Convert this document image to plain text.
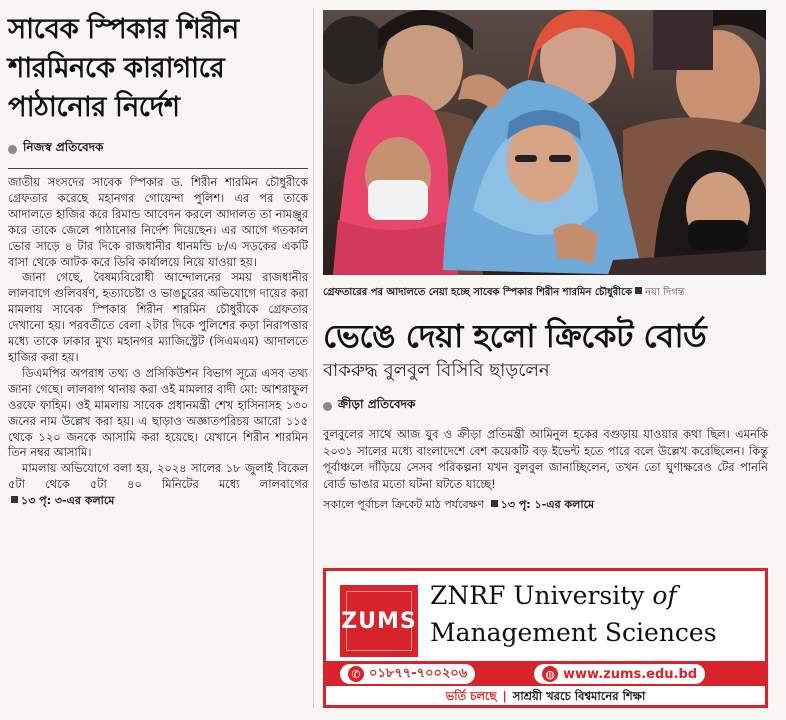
সাবেক স্পিকার শিরীন শারমিনকে কারাগারে পাঠানোর নির্দেশ
নিজস্ব প্রতিবেদক

জাতীয় সংসদের সাবেক স্পিকার ড. শিরীন শারমিন চৌধুরীকে গ্রেফতার করেছে মহানগর গোয়েন্দা পুলিশ। এর পর তাকে আদালতে হাজির করে রিমান্ড আবেদন করলে আদালত তা নামঞ্জুর করে তাকে জেলে পাঠানোর নির্দেশ দিয়েছেন। এর আগে গতকাল ভোর সাড়ে ৪ টার দিকে রাজধানীর ধানমন্ডি ৮/এ সড়কের একটি বাসা থেকে আটক করে ডিবি কার্যালয়ে নিয়ে যাওয়া হয়।

জানা গেছে, বৈষম্যবিরোধী আন্দোলনের সময় রাজধানীর লালবাগে গুলিবর্ষণ, হত্যাচেষ্টা ও ভাঙচুরের অভিযোগে দায়ের করা মামলায় সাবেক স্পিকার শিরীন শারমিন চৌধুরীকে গ্রেফতার দেখানো হয়। পরবর্তীতে বেলা ২টার দিকে পুলিশের কড়া নিরাপত্তার মধ্যে তাকে ঢাকার মুখ্য মহানগর ম্যাজিস্ট্রেট (সিএমএম) আদালতে হাজির করা হয়।

ডিএমপির অপরাধ তথ্য ও প্রসিকিউশন বিভাগ সূত্রে এসব তথ্য জানা গেছে। লালবাগ থানায় করা ওই মামলার বাদী মো: আশরাফুল ওরফে ফাহিম। ওই মামলায় সাবেক প্রধানমন্ত্রী শেখ হাসিনাসহ ১৩০ জনের নাম উল্লেখ করা হয়। এ ছাড়াও অজ্ঞাতপরিচয় আরো ১১৫ থেকে ১২০ জনকে আসামি করা হয়েছে। যেখানে শিরীন শারমিন তিন নম্বর আসামি।

মামলায় অভিযোগে বলা হয়, ২০২৪ সালের ১৮ জুলাই বিকেল ৫টা থেকে ৫টা ৪০ মিনিটের মধ্যে লালবাগের ১৩ পৃ: ৩-এর কলামে

গ্রেফতারের পর আদালতে নেয়া হচ্ছে সাবেক স্পিকার শিরীন শারমিন চৌধুরীকে নয়া দিগন্ত
ভেঙে দেয়া হলো ক্রিকেট বোর্ড
বাকরুদ্ধ বুলবুল বিসিবি ছাড়লেন
ক্রীড়া প্রতিবেদক

বুলবুলের সাথে আজ যুব ও ক্রীড়া প্রতিমন্ত্রী আমিনুল হকের বগুড়ায় যাওয়ার কথা ছিল। এমনকি ২০৩১ সালের মধ্যে বাংলাদেশে বেশ কয়েকটি বড় ইভেন্ট হতে পারে বলে উল্লেখ করেছিলেন। কিন্তু পূর্বাঞ্চলে দাঁড়িয়ে সেসব পরিকল্পনা যখন বুলবুল জানাচ্ছিলেন, তখন তো ঘুণাক্ষরেও টের পাননি বোর্ড ভাঙার মতো ঘটনা ঘটতে যাচ্ছে!

সকালে পূর্বাচল ক্রিকেট মাঠ পর্যবেক্ষণ ১৩ পৃ: ১-এর কলামে
ZUMS
ZNRF University of
Management Sciences
✆ ০১৮৭৭-৭০০২০৬	◍ www.zums.edu.bd
ভর্তি চলছে | সাশ্রয়ী খরচে বিশ্বমানের শিক্ষা
